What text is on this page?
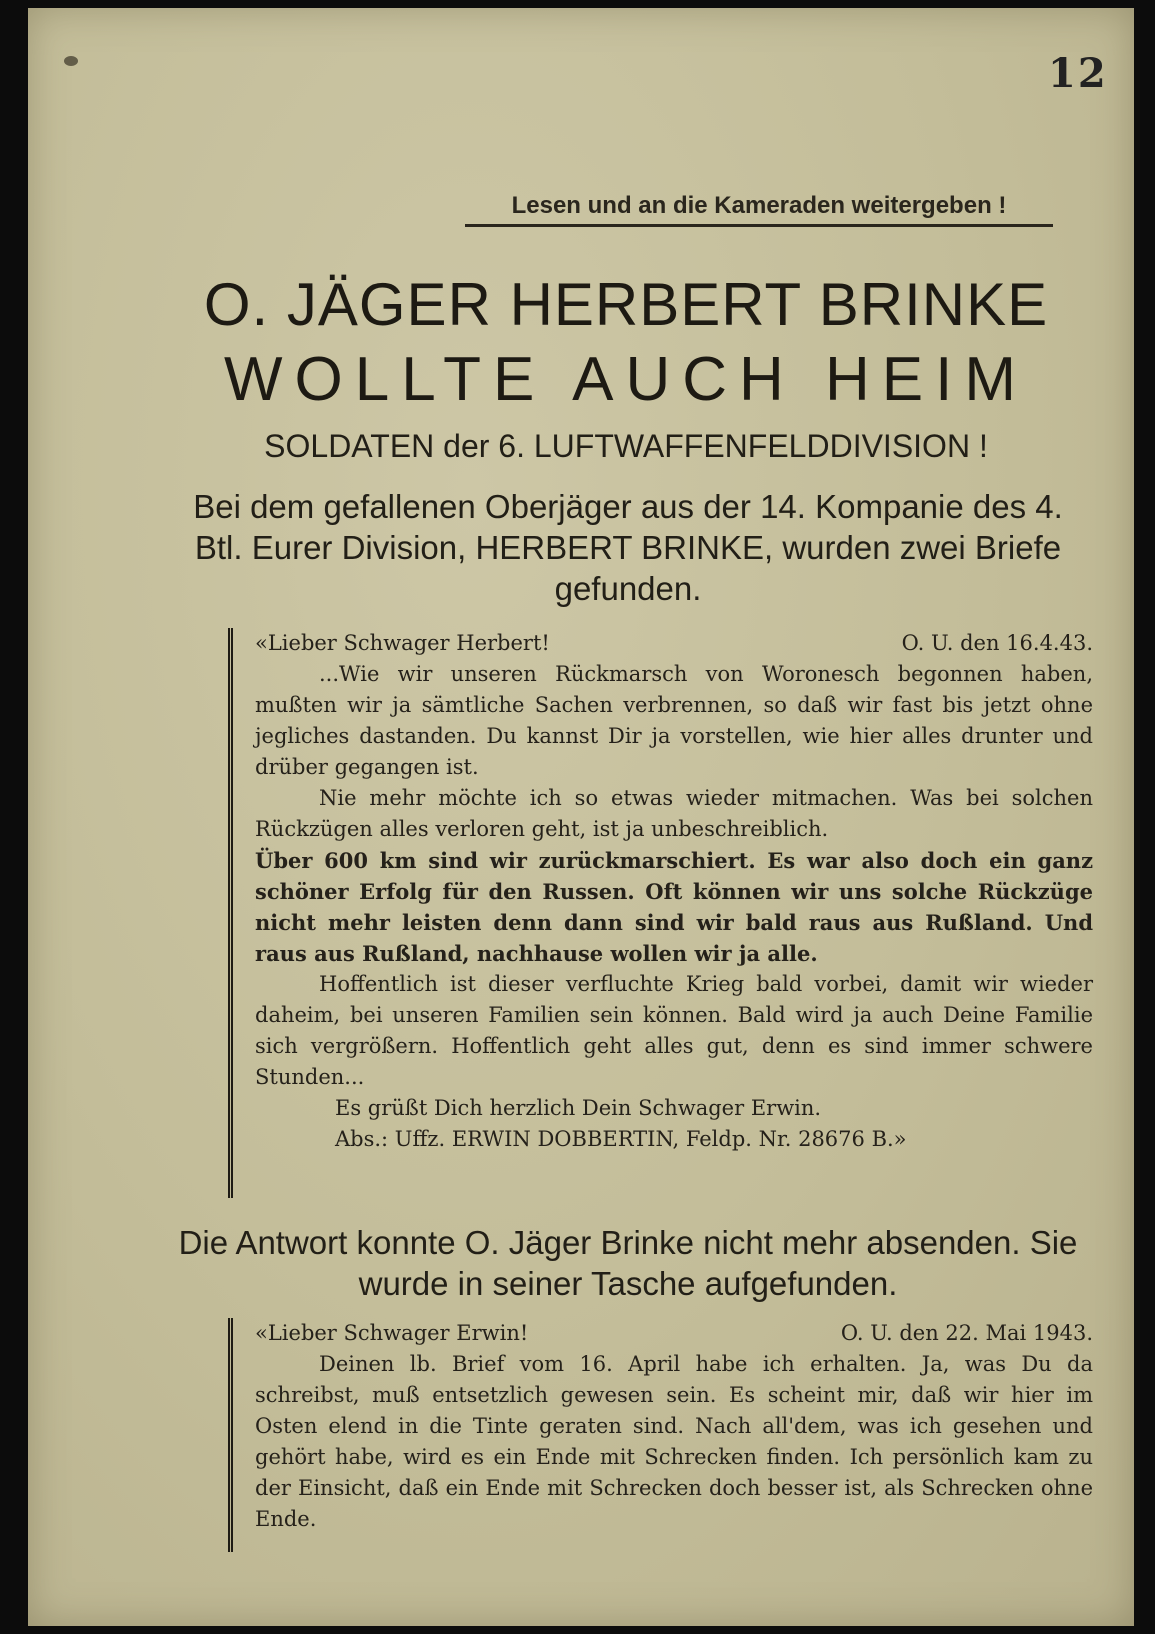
12
Lesen und an die Kameraden weitergeben !
O. JÄGER HERBERT BRINKE
WOLLTE AUCH HEIM
SOLDATEN der 6. LUFTWAFFENFELDDIVISION !
Bei dem gefallenen Oberjäger aus der 14. Kompanie des 4. Btl. Eurer Division, HERBERT BRINKE, wurden zwei Briefe gefunden.
«Lieber Schwager Herbert!	O. U. den 16.4.43.

...Wie wir unseren Rückmarsch von Woronesch begonnen haben, mußten wir ja sämtliche Sachen verbrennen, so daß wir fast bis jetzt ohne jegliches dastanden. Du kannst Dir ja vorstellen, wie hier alles drunter und drüber gegangen ist.

Nie mehr möchte ich so etwas wieder mitmachen. Was bei solchen Rückzügen alles verloren geht, ist ja unbeschreiblich.

Über 600 km sind wir zurückmarschiert. Es war also doch ein ganz schöner Erfolg für den Russen. Oft können wir uns solche Rückzüge nicht mehr leisten denn dann sind wir bald raus aus Rußland. Und raus aus Rußland, nachhause wollen wir ja alle.

Hoffentlich ist dieser verfluchte Krieg bald vorbei, damit wir wieder daheim, bei unseren Familien sein können. Bald wird ja auch Deine Familie sich vergrößern. Hoffentlich geht alles gut, denn es sind immer schwere Stunden...

Es grüßt Dich herzlich Dein Schwager Erwin.

Abs.: Uffz. ERWIN DOBBERTIN, Feldp. Nr. 28676 B.»

Die Antwort konnte O. Jäger Brinke nicht mehr absenden. Sie wurde in seiner Tasche aufgefunden.
«Lieber Schwager Erwin!	O. U. den 22. Mai 1943.

Deinen lb. Brief vom 16. April habe ich erhalten. Ja, was Du da schreibst, muß entsetzlich gewesen sein. Es scheint mir, daß wir hier im Osten elend in die Tinte geraten sind. Nach all'dem, was ich gesehen und gehört habe, wird es ein Ende mit Schrecken finden. Ich persönlich kam zu der Einsicht, daß ein Ende mit Schrecken doch besser ist, als Schrecken ohne Ende.
